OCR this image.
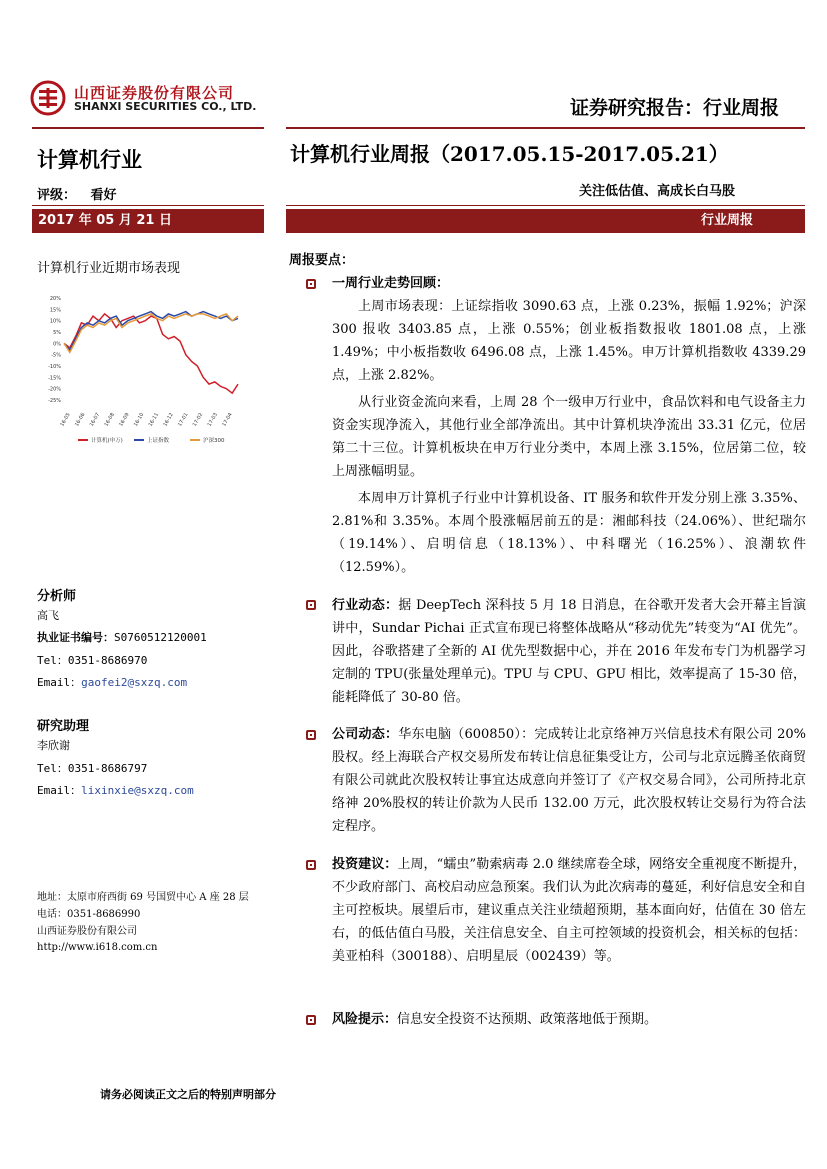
山西证券股份有限公司
SHANXI SECURITIES CO., LTD.	证券研究报告：行业周报
计算机行业
评级： 看好
2017 年 05 月 21 日
计算机行业近期市场表现
20%
15%
10%
5%
0%
-5%
-10%
-15%
-20%
-25%
16-05 16-06 16-07 16-08 16-09 16-10 16-11 16-12 17-01 17-02 17-03 17-04
计算机(申万)	上证指数	沪深300
分析师
高飞
执业证书编号：S0760512120001
Tel：0351-8686970
Email：gaofei2@sxzq.com
研究助理
李欣谢
Tel：0351-8686797
Email：lixinxie@sxzq.com
地址：太原市府西街 69 号国贸中心 A 座 28 层
电话：0351-8686990
山西证券股份有限公司
http://www.i618.com.cn
计算机行业周报（2017.05.15-2017.05.21）
关注低估值、高成长白马股
行业周报
周报要点：
一周行业走势回顾：
上周市场表现：上证综指收 3090.63 点，上涨 0.23%，振幅 1.92%；沪深 300 报收 3403.85 点，上涨 0.55%；创业板指数报收 1801.08 点，上涨 1.49%；中小板指数收 6496.08 点，上涨 1.45%。申万计算机指数收 4339.29 点，上涨 2.82%。
从行业资金流向来看，上周 28 个一级申万行业中，食品饮料和电气设备主力资金实现净流入，其他行业全部净流出。其中计算机块净流出 33.31 亿元，位居第二十三位。计算机板块在申万行业分类中，本周上涨 3.15%，位居第二位，较上周涨幅明显。
本周申万计算机子行业中计算机设备、IT 服务和软件开发分别上涨 3.35%、2.81%和 3.35%。本周个股涨幅居前五的是：湘邮科技（24.06%）、世纪瑞尔（19.14%）、启明信息（18.13%）、中科曙光（16.25%）、浪潮软件（12.59%）。
行业动态：据 DeepTech 深科技 5 月 18 日消息，在谷歌开发者大会开幕主旨演讲中，Sundar Pichai 正式宣布现已将整体战略从“移动优先”转变为“AI 优先”。因此，谷歌搭建了全新的 AI 优先型数据中心，并在 2016 年发布专门为机器学习定制的 TPU(张量处理单元)。TPU 与 CPU、GPU 相比，效率提高了 15-30 倍，能耗降低了 30-80 倍。
公司动态：华东电脑（600850）：完成转让北京络神万兴信息技术有限公司 20%股权。经上海联合产权交易所发布转让信息征集受让方，公司与北京远腾圣依商贸有限公司就此次股权转让事宜达成意向并签订了《产权交易合同》，公司所持北京络神 20%股权的转让价款为人民币 132.00 万元，此次股权转让交易行为符合法定程序。
投资建议：上周，“蠕虫”勒索病毒 2.0 继续席卷全球，网络安全重视度不断提升，不少政府部门、高校启动应急预案。我们认为此次病毒的蔓延，利好信息安全和自主可控板块。展望后市，建议重点关注业绩超预期，基本面向好，估值在 30 倍左右，的低估值白马股，关注信息安全、自主可控领域的投资机会，相关标的包括：美亚柏科（300188）、启明星辰（002439）等。
风险提示：信息安全投资不达预期、政策落地低于预期。
请务必阅读正文之后的特别声明部分
